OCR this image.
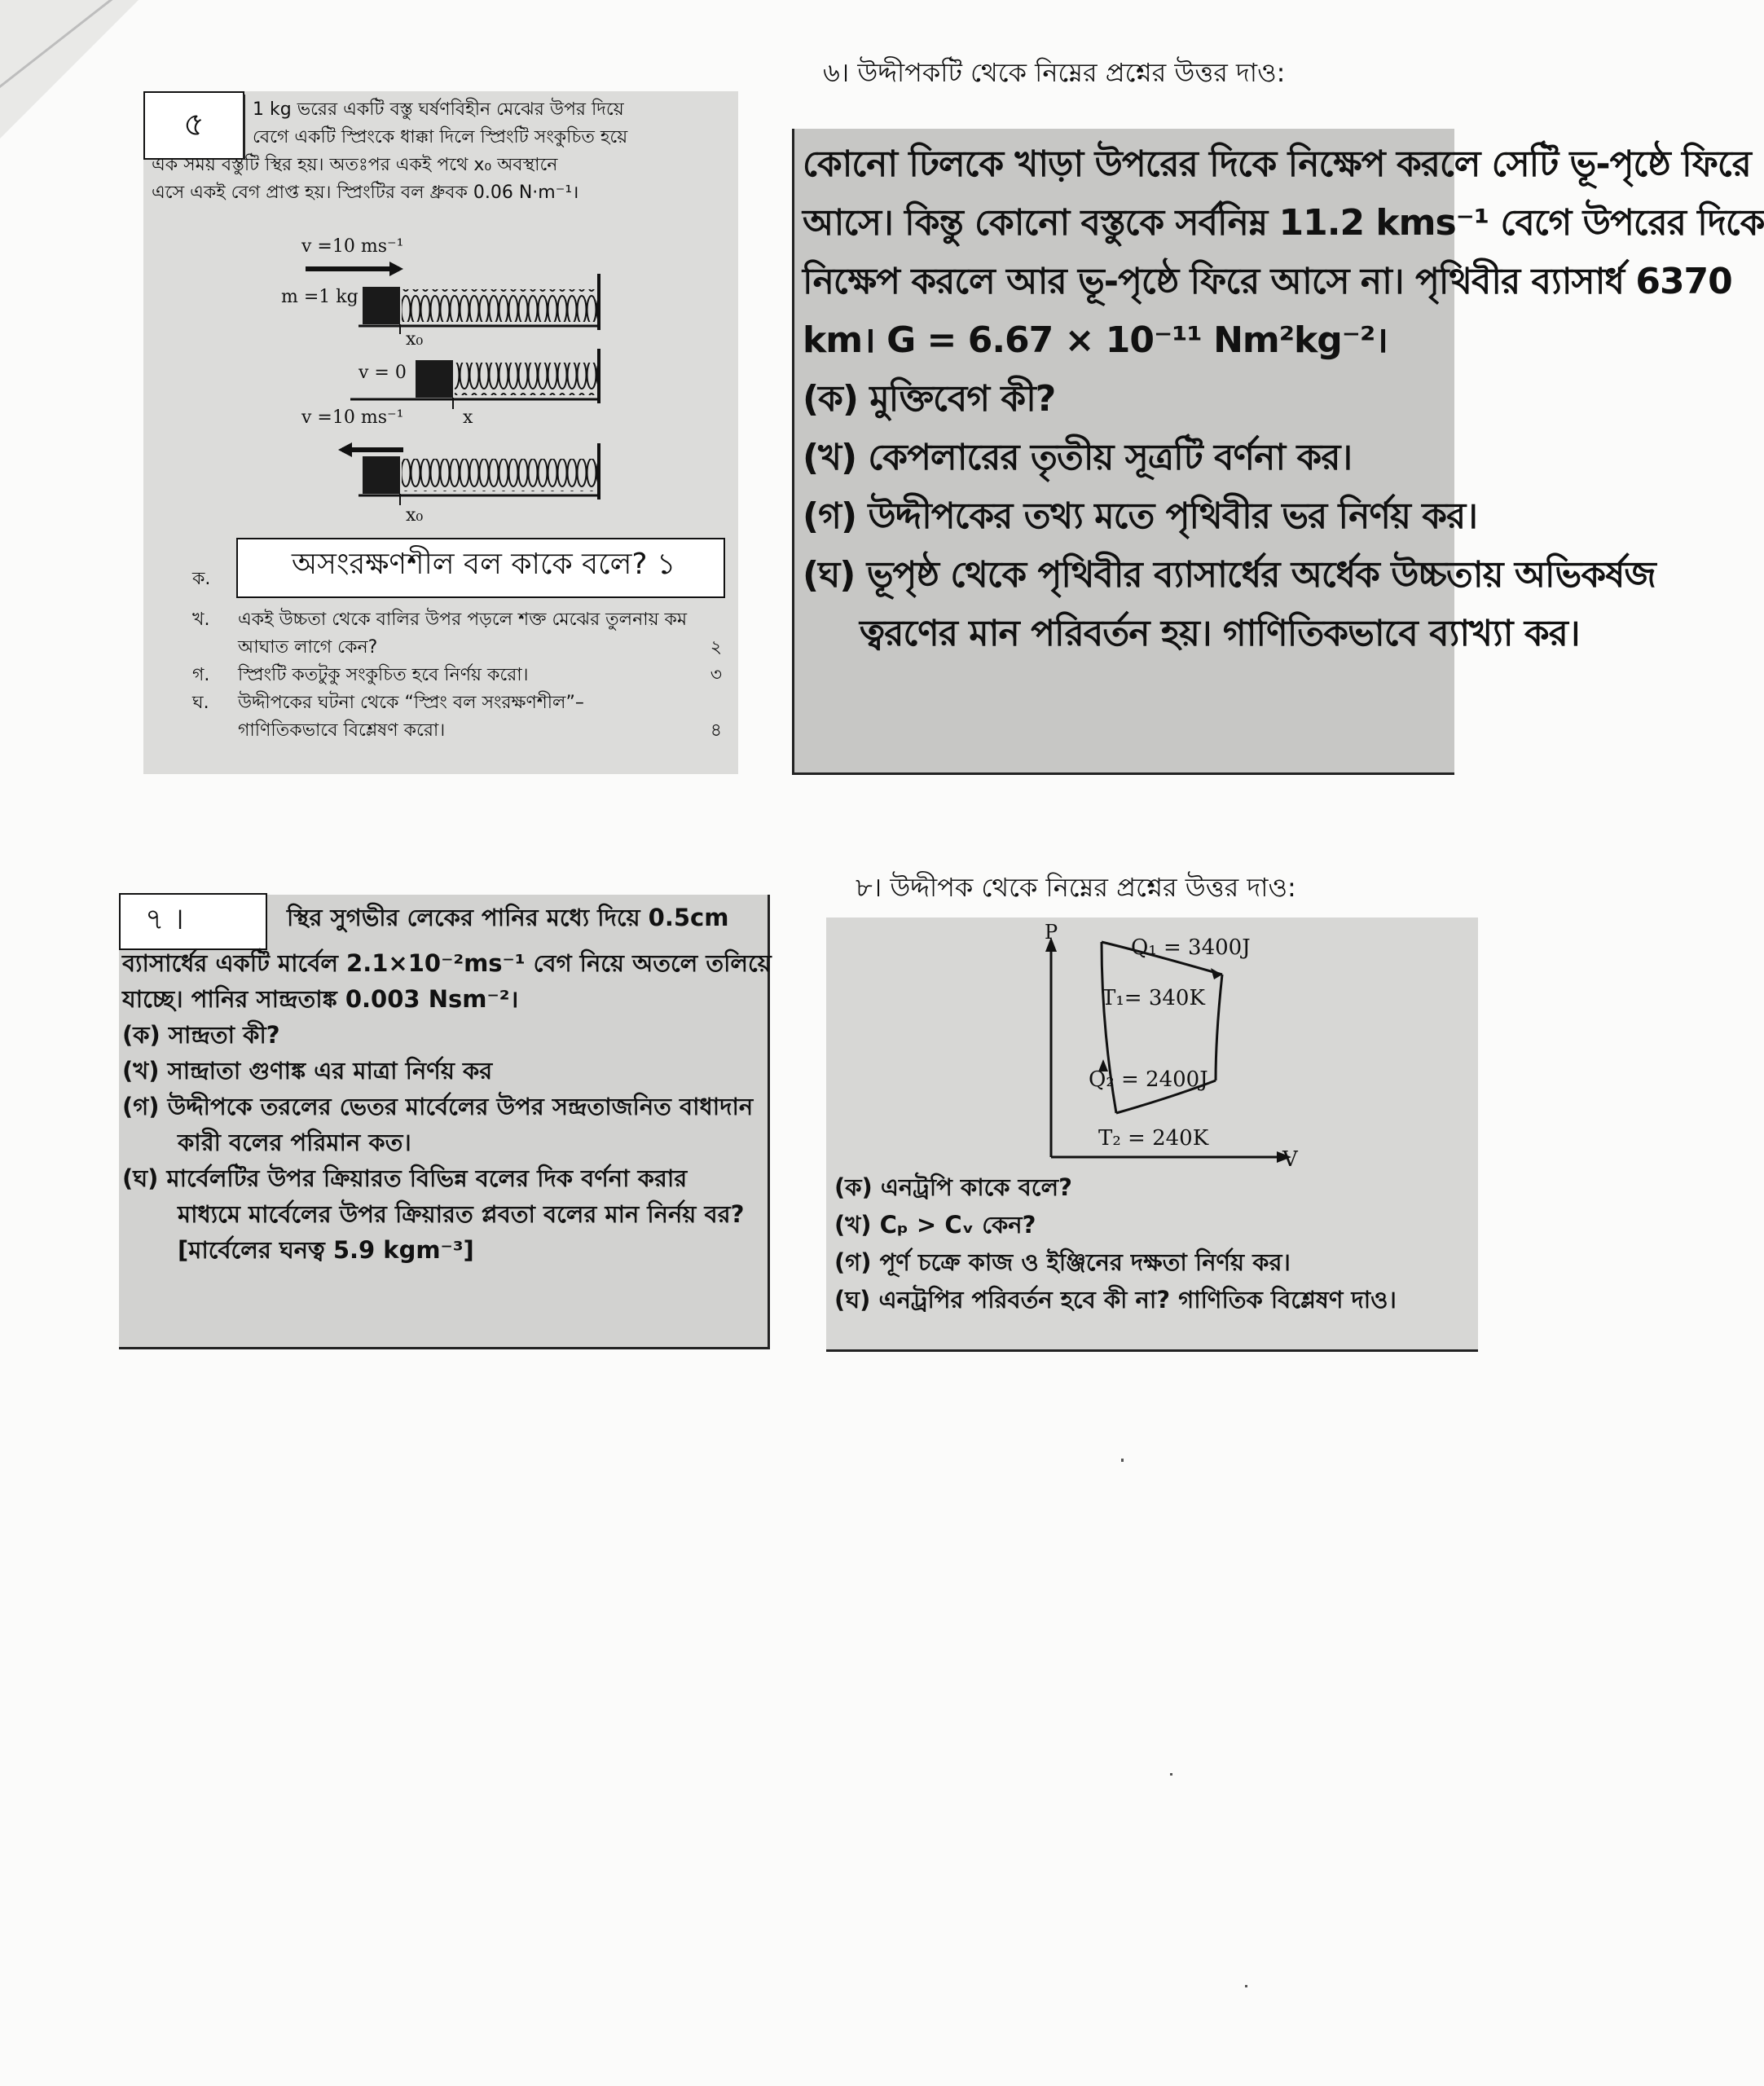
৫	1 kg ভরের একটি বস্তু ঘর্ষণবিহীন মেঝের উপর দিয়ে

বেগে একটি স্প্রিংকে ধাক্কা দিলে স্প্রিংটি সংকুচিত হয়ে

এক সময় বস্তুটি স্থির হয়। অতঃপর একই পথে x₀ অবস্থানে

এসে একই বেগ প্রাপ্ত হয়। স্প্রিংটির বল ধ্রুবক 0.06 N·m⁻¹।

v =10 ms⁻¹
m =1 kg
x₀
v = 0
x
v =10 ms⁻¹
x₀
ক.	অসংরক্ষণশীল বল কাকে বলে? ১
খ.	একই উচ্চতা থেকে বালির উপর পড়লে শক্ত মেঝের তুলনায় কম আঘাত লাগে কেন?	২
গ.	স্প্রিংটি কতটুকু সংকুচিত হবে নির্ণয় করো।	৩
ঘ.	উদ্দীপকের ঘটনা থেকে “স্প্রিং বল সংরক্ষণশীল”– গাণিতিকভাবে বিশ্লেষণ করো।	৪
৬। উদ্দীপকটি থেকে নিম্নের প্রশ্নের উত্তর দাও:

কোনো ঢিলকে খাড়া উপরের দিকে নিক্ষেপ করলে সেটি ভূ-পৃষ্ঠে ফিরে

আসে। কিন্তু কোনো বস্তুকে সর্বনিম্ন 11.2 kms⁻¹ বেগে উপরের দিকে

নিক্ষেপ করলে আর ভূ-পৃষ্ঠে ফিরে আসে না। পৃথিবীর ব্যাসার্ধ 6370

km। G = 6.67 × 10⁻¹¹ Nm²kg⁻²।

(ক) মুক্তিবেগ কী?

(খ) কেপলারের তৃতীয় সূত্রটি বর্ণনা কর।

(গ) উদ্দীপকের তথ্য মতে পৃথিবীর ভর নির্ণয় কর।

(ঘ) ভূপৃষ্ঠ থেকে পৃথিবীর ব্যাসার্ধের অর্ধেক উচ্চতায় অভিকর্ষজ

ত্বরণের মান পরিবর্তন হয়। গাণিতিকভাবে ব্যাখ্যা কর।

৭ ।	স্থির সুগভীর লেকের পানির মধ্যে দিয়ে 0.5cm

ব্যাসার্ধের একটি মার্বেল 2.1×10⁻²ms⁻¹ বেগ নিয়ে অতলে তলিয়ে

যাচ্ছে। পানির সান্দ্রতাঙ্ক 0.003 Nsm⁻²।

(ক) সান্দ্রতা কী?

(খ) সান্দ্রাতা গুণাঙ্ক এর মাত্রা নির্ণয় কর

(গ) উদ্দীপকে তরলের ভেতর মার্বেলের উপর সন্দ্রতাজনিত বাধাদান

কারী বলের পরিমান কত।

(ঘ) মার্বেলটির উপর ক্রিয়ারত বিভিন্ন বলের দিক বর্ণনা করার

মাধ্যমে মার্বেলের উপর ক্রিয়ারত প্লবতা বলের মান নির্নয় বর?

[মার্বেলের ঘনত্ব 5.9 kgm⁻³]

৮। উদ্দীপক থেকে নিম্নের প্রশ্নের উত্তর দাও:
P
V
Q₁ = 3400J
T₁= 340K
Q₂ = 2400J
T₂ = 240K

(ক) এনট্রপি কাকে বলে?

(খ) Cₚ > Cᵥ কেন?

(গ) পূর্ণ চক্রে কাজ ও ইঞ্জিনের দক্ষতা নির্ণয় কর।

(ঘ) এনট্রপির পরিবর্তন হবে কী না? গাণিতিক বিশ্লেষণ দাও।
